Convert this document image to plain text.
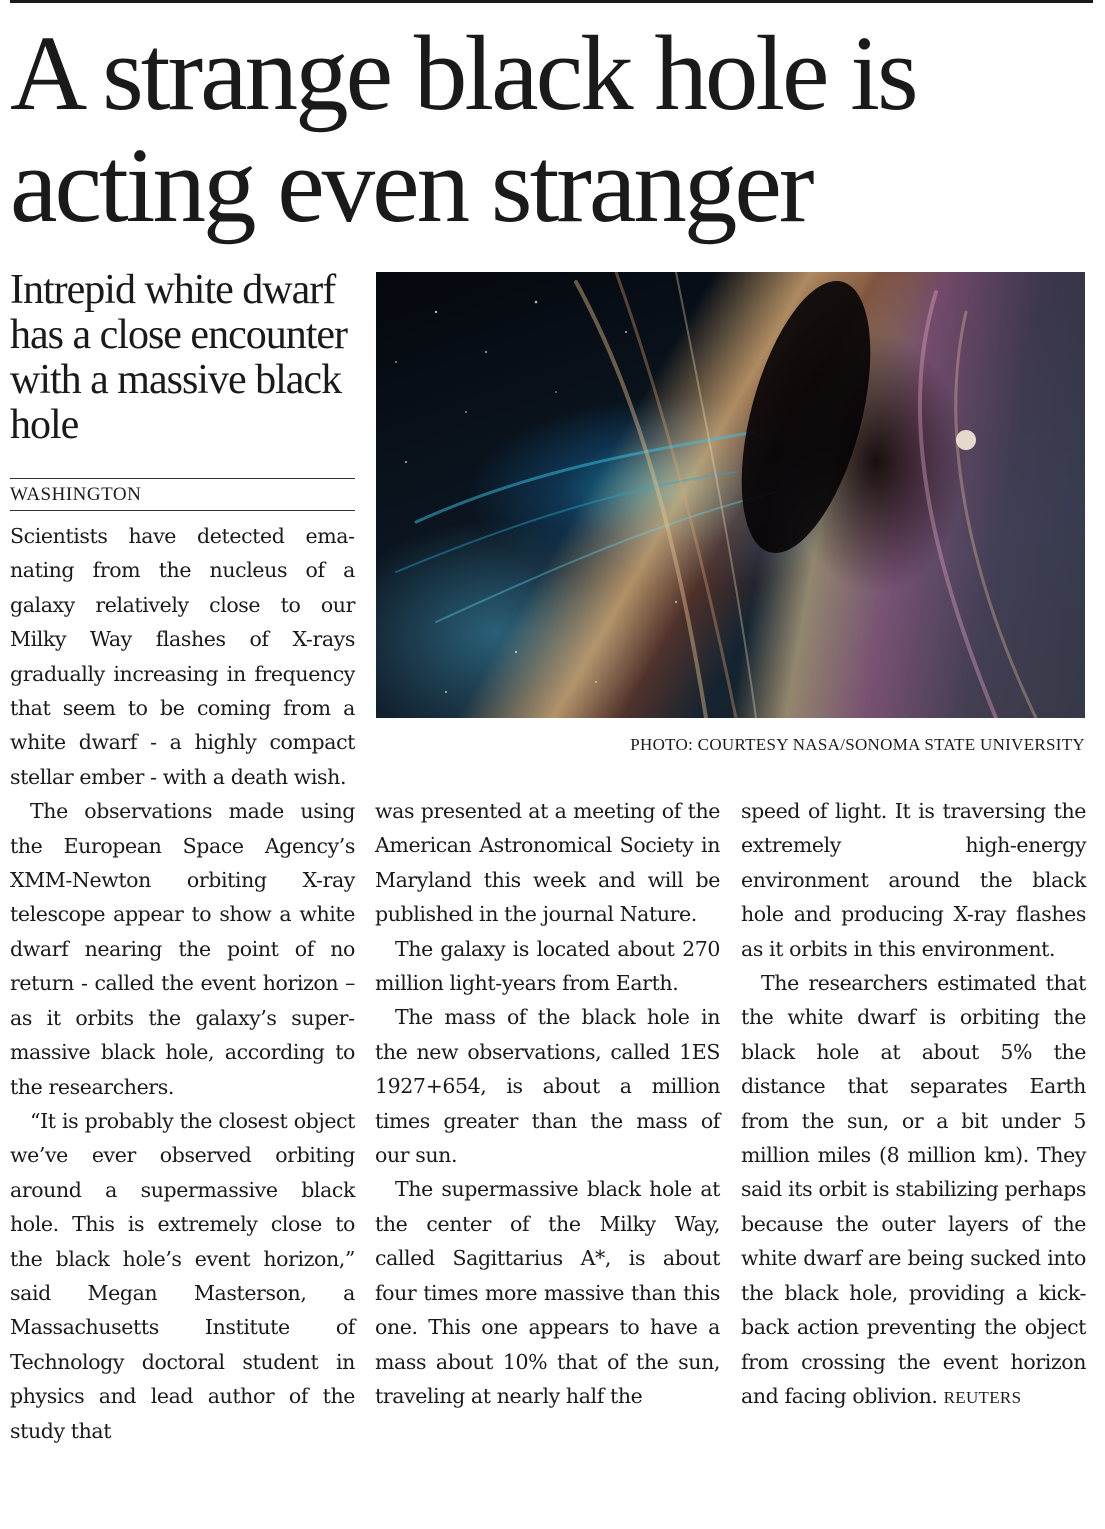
A strange black hole is acting even stranger
Intrepid white dwarf has a close encounter with a massive black hole

WASHINGTON

PHOTO: COURTESY NASA/SONOMA STATE UNIVERSITY

Scientists have detected emanating from the nucleus of a galaxy relatively close to our Milky Way flashes of X-rays gradually increasing in frequency that seem to be coming from a white dwarf - a highly compact stellar ember - with a death wish.

The observations made using the European Space Agency’s XMM-Newton orbiting X-ray telescope appear to show a white dwarf nearing the point of no return - called the event horizon – as it orbits the galaxy’s supermassive black hole, according to the researchers.

“It is probably the closest object we’ve ever observed orbiting around a supermassive black hole. This is extremely close to the black hole’s event horizon,” said Megan Masterson, a Massachusetts Institute of Technology doctoral student in physics and lead author of the study that

was presented at a meeting of the American Astronomical Society in Maryland this week and will be published in the journal Nature.

The galaxy is located about 270 million light-years from Earth.

The mass of the black hole in the new observations, called 1ES 1927+654, is about a million times greater than the mass of our sun.

The supermassive black hole at the center of the Milky Way, called Sagittarius A*, is about four times more massive than this one. This one appears to have a mass about 10% that of the sun, traveling at nearly half the

speed of light. It is traversing the extremely high-energy environment around the black hole and producing X-ray flashes as it orbits in this environment.

The researchers estimated that the white dwarf is orbiting the black hole at about 5% the distance that separates Earth from the sun, or a bit under 5 million miles (8 million km). They said its orbit is stabilizing perhaps because the outer layers of the white dwarf are being sucked into the black hole, providing a kick-back action preventing the object from crossing the event horizon and facing oblivion. REUTERS
